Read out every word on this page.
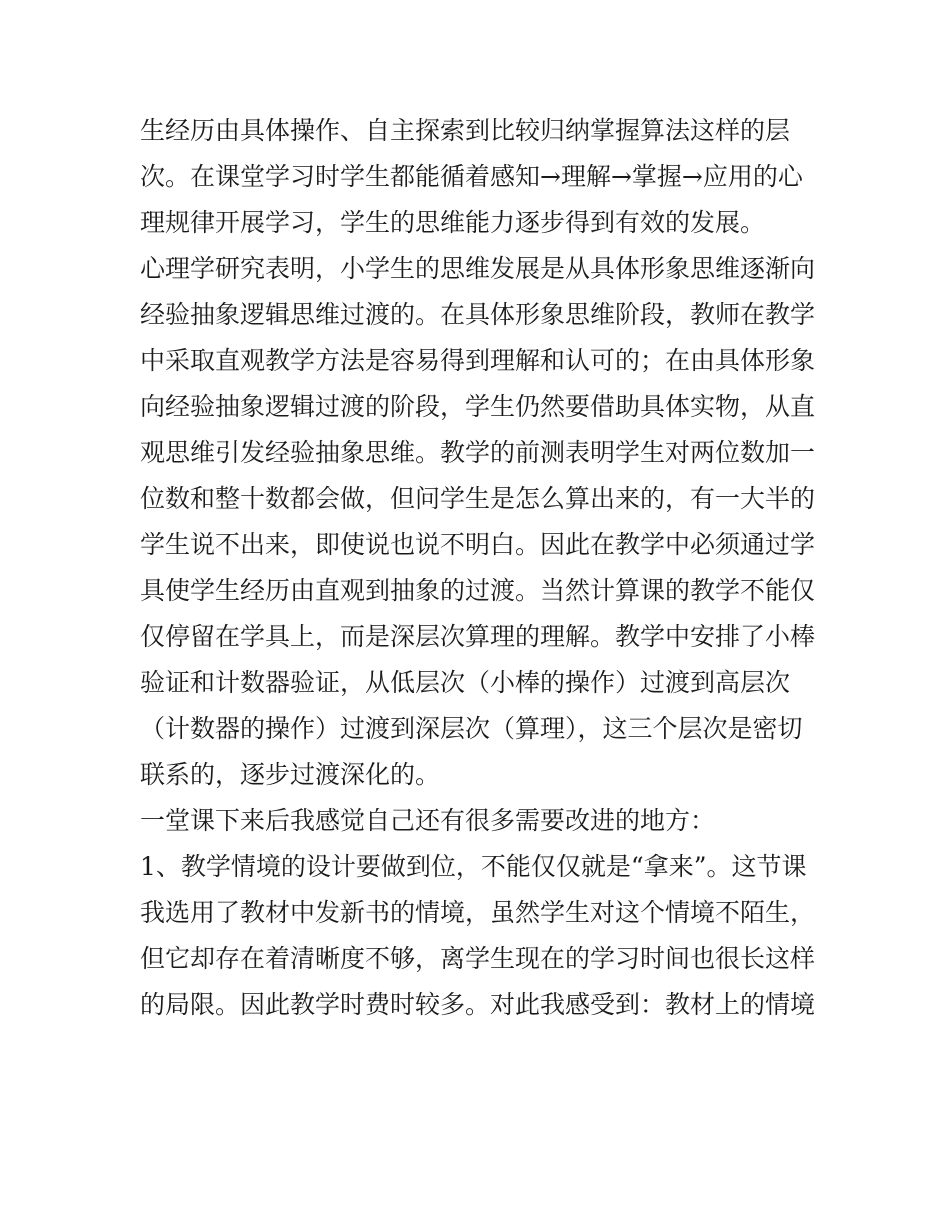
生经历由具体操作、自主探索到比较归纳掌握算法这样的层
次。在课堂学习时学生都能循着感知→理解→掌握→应用的心
理规律开展学习，学生的思维能力逐步得到有效的发展。
心理学研究表明，小学生的思维发展是从具体形象思维逐渐向
经验抽象逻辑思维过渡的。在具体形象思维阶段，教师在教学
中采取直观教学方法是容易得到理解和认可的；在由具体形象
向经验抽象逻辑过渡的阶段，学生仍然要借助具体实物，从直
观思维引发经验抽象思维。教学的前测表明学生对两位数加一
位数和整十数都会做，但问学生是怎么算出来的，有一大半的
学生说不出来，即使说也说不明白。因此在教学中必须通过学
具使学生经历由直观到抽象的过渡。当然计算课的教学不能仅
仅停留在学具上，而是深层次算理的理解。教学中安排了小棒
验证和计数器验证，从低层次（小棒的操作）过渡到高层次
（计数器的操作）过渡到深层次（算理），这三个层次是密切
联系的，逐步过渡深化的。
一堂课下来后我感觉自己还有很多需要改进的地方：
1、教学情境的设计要做到位，不能仅仅就是“拿来”。这节课
我选用了教材中发新书的情境，虽然学生对这个情境不陌生，
但它却存在着清晰度不够，离学生现在的学习时间也很长这样
的局限。因此教学时费时较多。对此我感受到：教材上的情境
